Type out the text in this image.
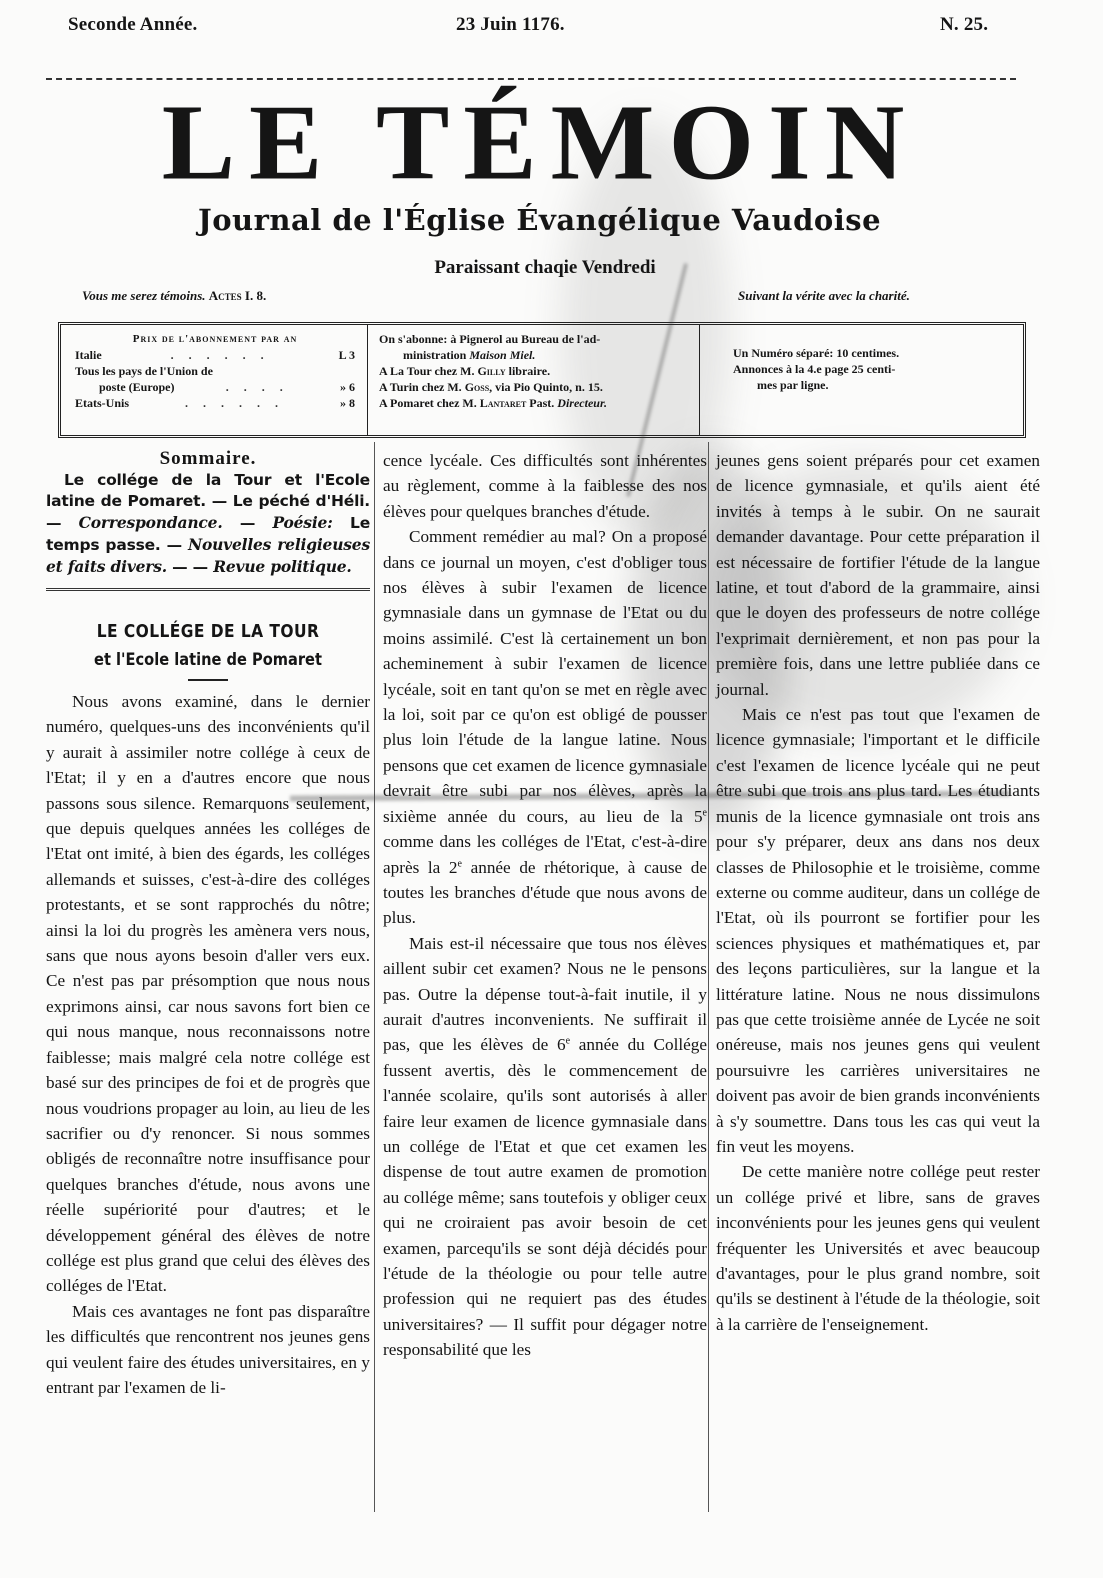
Seconde Année.	23 Juin 1176.	N. 25.
LE TÉMOIN
Journal de l'Église Évangélique Vaudoise
Paraissant chaqie Vendredi
Vous me serez témoins. Actes I. 8.	Suivant la vérite avec la charité.
Prix de l'abonnement par an
Italie	. . . . . .	L 3
Tous les pays de l'Union de
poste (Europe)	. . . .	» 6
Etats-Unis	. . . . . .	» 8
On s'abonne: à Pignerol au Bureau de l'ad-
ministration Maison Miel.
A La Tour chez M. Gilly libraire.
A Turin chez M. Goss, via Pio Quinto, n. 15.
A Pomaret chez M. Lantaret Past. Directeur.
Un Numéro séparé: 10 centimes.
Annonces à la 4.e page 25 centi-
mes par ligne.
Sommaire.
Le collége de la Tour et l'Ecole latine de Pomaret. — Le péché d'Héli. — Correspondance. — Poésie: Le temps passe. — Nouvelles religieuses et faits divers. — — Revue politique.
LE COLLÉGE DE LA TOUR
et l'Ecole latine de Pomaret

Nous avons examiné, dans le dernier numéro, quelques-uns des inconvénients qu'il y aurait à assimiler notre collége à ceux de l'Etat; il y en a d'autres encore que nous passons sous silence. Remarquons seulement, que depuis quelques années les colléges de l'Etat ont imité, à bien des égards, les colléges allemands et suisses, c'est-à-dire des colléges protestants, et se sont rapprochés du nôtre; ainsi la loi du progrès les amènera vers nous, sans que nous ayons besoin d'aller vers eux. Ce n'est pas par présomption que nous nous exprimons ainsi, car nous savons fort bien ce qui nous manque, nous reconnaissons notre faiblesse; mais malgré cela notre collége est basé sur des principes de foi et de progrès que nous voudrions propager au loin, au lieu de les sacrifier ou d'y renoncer. Si nous sommes obligés de reconnaître notre insuffisance pour quelques branches d'étude, nous avons une réelle supériorité pour d'autres; et le développement général des élèves de notre collége est plus grand que celui des élèves des colléges de l'Etat.

Mais ces avantages ne font pas disparaître les difficultés que rencontrent nos jeunes gens qui veulent faire des études universitaires, en y entrant par l'examen de li-

cence lycéale. Ces difficultés sont inhérentes au règlement, comme à la faiblesse des nos élèves pour quelques branches d'étude.

Comment remédier au mal? On a proposé dans ce journal un moyen, c'est d'obliger tous nos élèves à subir l'examen de licence gymnasiale dans un gymnase de l'Etat ou du moins assimilé. C'est là certainement un bon acheminement à subir l'examen de licence lycéale, soit en tant qu'on se met en règle avec la loi, soit par ce qu'on est obligé de pousser plus loin l'étude de la langue latine. Nous pensons que cet examen de licence gymnasiale devrait être subi par nos élèves, après la sixième année du cours, au lieu de la 5e comme dans les colléges de l'Etat, c'est-à-dire après la 2e année de rhétorique, à cause de toutes les branches d'étude que nous avons de plus.

Mais est-il nécessaire que tous nos élèves aillent subir cet examen? Nous ne le pensons pas. Outre la dépense tout-à-fait inutile, il y aurait d'autres inconvenients. Ne suffirait il pas, que les élèves de 6e année du Collége fussent avertis, dès le commencement de l'année scolaire, qu'ils sont autorisés à aller faire leur examen de licence gymnasiale dans un collége de l'Etat et que cet examen les dispense de tout autre examen de promotion au collége même; sans toutefois y obliger ceux qui ne croiraient pas avoir besoin de cet examen, parcequ'ils se sont déjà décidés pour l'étude de la théologie ou pour telle autre profession qui ne requiert pas des études universitaires? — Il suffit pour dégager notre responsabilité que les

jeunes gens soient préparés pour cet examen de licence gymnasiale, et qu'ils aient été invités à temps à le subir. On ne saurait demander davantage. Pour cette préparation il est nécessaire de fortifier l'étude de la langue latine, et tout d'abord de la grammaire, ainsi que le doyen des professeurs de notre collége l'exprimait dernièrement, et non pas pour la première fois, dans une lettre publiée dans ce journal.

Mais ce n'est pas tout que l'examen de licence gymnasiale; l'important et le difficile c'est l'examen de licence lycéale qui ne peut être subi que trois ans plus tard. Les étudiants munis de la licence gymnasiale ont trois ans pour s'y préparer, deux ans dans nos deux classes de Philosophie et le troisième, comme externe ou comme auditeur, dans un collége de l'Etat, où ils pourront se fortifier pour les sciences physiques et mathématiques et, par des leçons particulières, sur la langue et la littérature latine. Nous ne nous dissimulons pas que cette troisième année de Lycée ne soit onéreuse, mais nos jeunes gens qui veulent poursuivre les carrières universitaires ne doivent pas avoir de bien grands inconvénients à s'y soumettre. Dans tous les cas qui veut la fin veut les moyens.

De cette manière notre collége peut rester un collége privé et libre, sans de graves inconvénients pour les jeunes gens qui veulent fréquenter les Universités et avec beaucoup d'avantages, pour le plus grand nombre, soit qu'ils se destinent à l'étude de la théologie, soit à la carrière de l'enseignement.
